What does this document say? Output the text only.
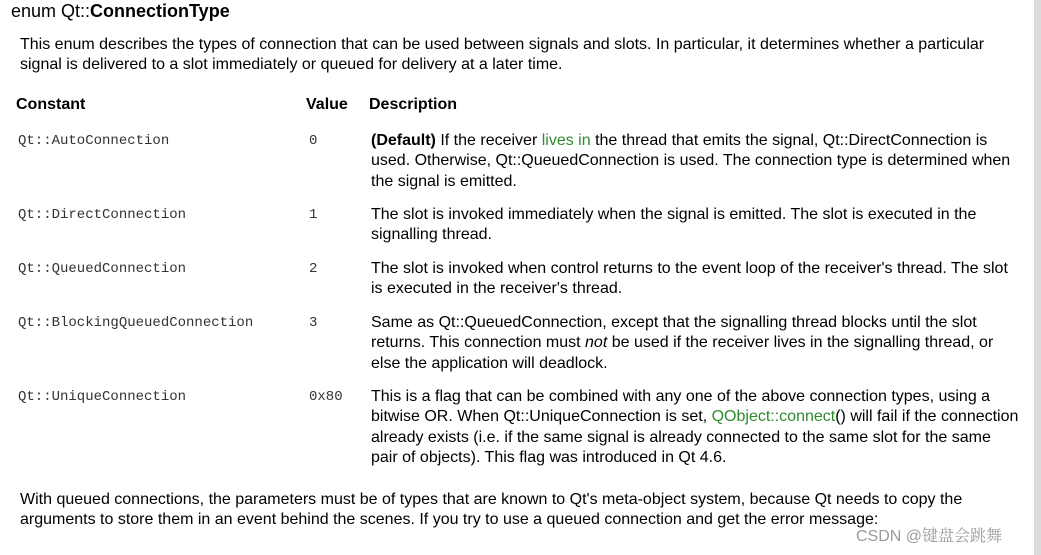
enum Qt::ConnectionType
This enum describes the types of connection that can be used between signals and slots. In particular, it determines whether a particular signal is delivered to a slot immediately or queued for delivery at a later time.
Constant	Value Description
Qt::AutoConnection	0	(Default) If the receiver lives in the thread that emits the signal, Qt::DirectConnection is used. Otherwise, Qt::QueuedConnection is used. The connection type is determined when the signal is emitted.
Qt::DirectConnection	1	The slot is invoked immediately when the signal is emitted. The slot is executed in the signalling thread.
Qt::QueuedConnection	2	The slot is invoked when control returns to the event loop of the receiver's thread. The slot is executed in the receiver's thread.
Qt::BlockingQueuedConnection	3	Same as Qt::QueuedConnection, except that the signalling thread blocks until the slot returns. This connection must not be used if the receiver lives in the signalling thread, or else the application will deadlock.
Qt::UniqueConnection	0x80 This is a flag that can be combined with any one of the above connection types, using a bitwise OR. When Qt::UniqueConnection is set, QObject::connect() will fail if the connection already exists (i.e. if the same signal is already connected to the same slot for the same pair of objects). This flag was introduced in Qt 4.6.
With queued connections, the parameters must be of types that are known to Qt's meta-object system, because Qt needs to copy the arguments to store them in an event behind the scenes. If you try to use a queued connection and get the error message:
CSDN @键盘会跳舞
